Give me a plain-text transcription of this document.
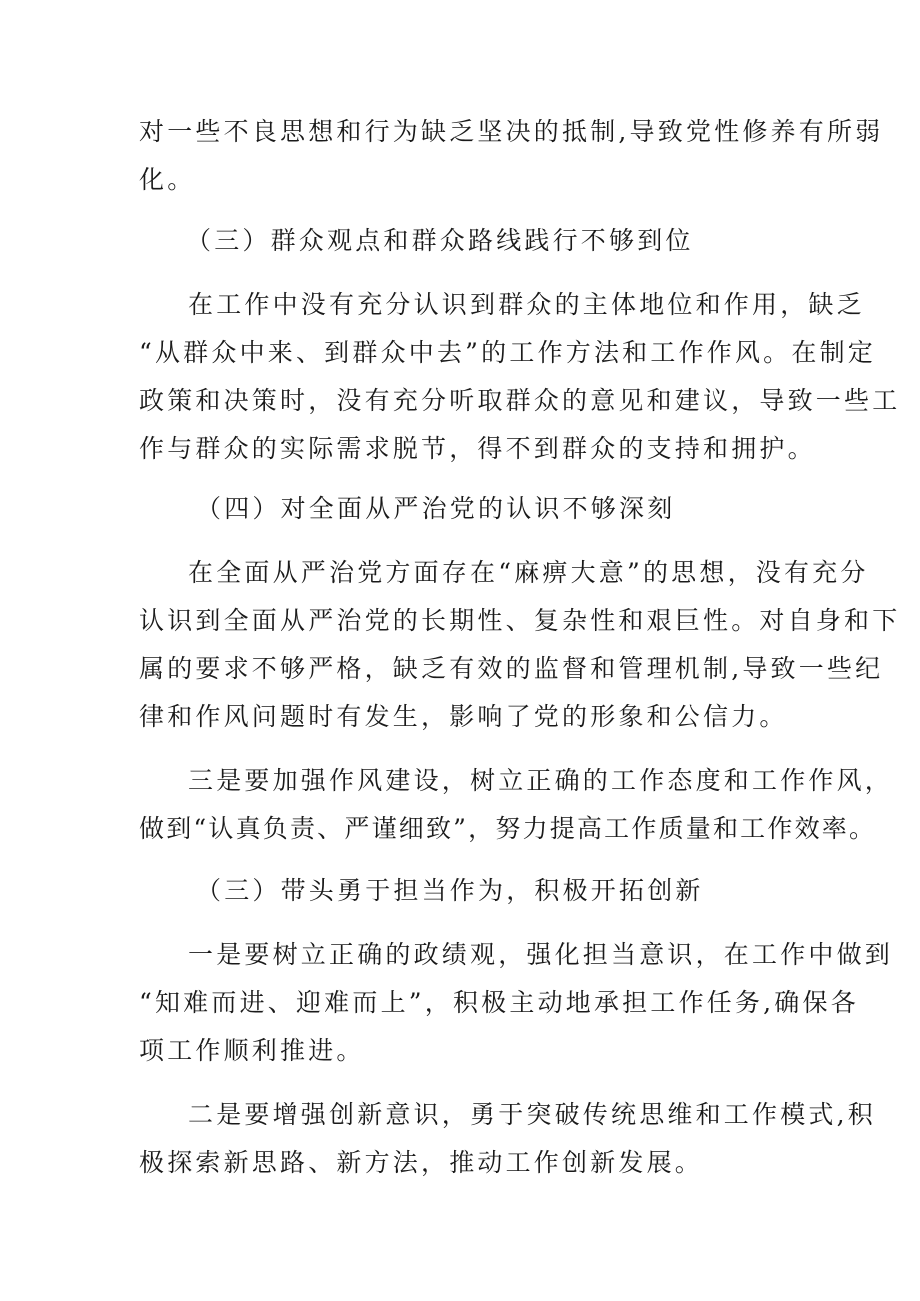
对一些不良思想和行为缺乏坚决的抵制,导致党性修养有所弱
化。
（三）群众观点和群众路线践行不够到位
在工作中没有充分认识到群众的主体地位和作用，缺乏
“从群众中来、到群众中去”的工作方法和工作作风。在制定
政策和决策时，没有充分听取群众的意见和建议，导致一些工
作与群众的实际需求脱节，得不到群众的支持和拥护。
（四）对全面从严治党的认识不够深刻
在全面从严治党方面存在“麻痹大意”的思想，没有充分
认识到全面从严治党的长期性、复杂性和艰巨性。对自身和下
属的要求不够严格，缺乏有效的监督和管理机制,导致一些纪
律和作风问题时有发生，影响了党的形象和公信力。
三是要加强作风建设，树立正确的工作态度和工作作风，
做到“认真负责、严谨细致”，努力提高工作质量和工作效率。
（三）带头勇于担当作为，积极开拓创新
一是要树立正确的政绩观，强化担当意识，在工作中做到
“知难而进、迎难而上”，积极主动地承担工作任务,确保各
项工作顺利推进。
二是要增强创新意识，勇于突破传统思维和工作模式,积
极探索新思路、新方法，推动工作创新发展。
